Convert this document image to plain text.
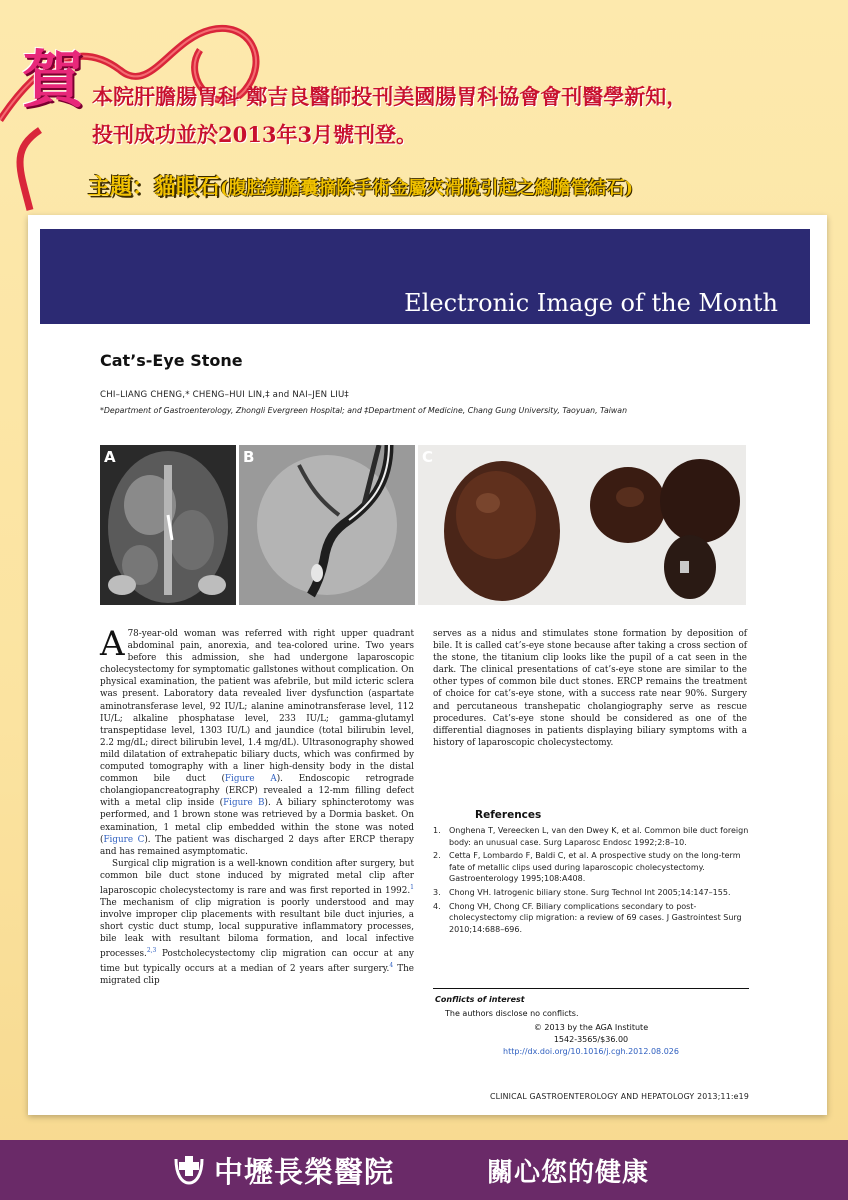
賀 本院肝膽腸胃科 鄭吉良醫師投刊美國腸胃科協會會刊醫學新知，
投刊成功並於2013年3月號刊登。
主題：貓眼石(腹腔鏡膽囊摘除手術金屬夾滑脫引起之總膽管結石)
Electronic Image of the Month
Cat’s-Eye Stone
CHI–LIANG CHENG,* CHENG–HUI LIN,‡ and NAI–JEN LIU‡
*Department of Gastroenterology, Zhongli Evergreen Hospital; and ‡Department of Medicine, Chang Gung University, Taoyuan, Taiwan
A	B	C

A 78-year-old woman was referred with right upper quadrant abdominal pain, anorexia, and tea-colored urine. Two years before this admission, she had undergone laparoscopic cholecystectomy for symptomatic gallstones without complication. On physical examination, the patient was afebrile, but mild icteric sclera was present. Laboratory data revealed liver dysfunction (aspartate aminotransferase level, 92 IU/L; alanine aminotransferase level, 112 IU/L; alkaline phosphatase level, 233 IU/L; gamma-glutamyl transpeptidase level, 1303 IU/L) and jaundice (total bilirubin level, 2.2 mg/dL; direct bilirubin level, 1.4 mg/dL). Ultrasonography showed mild dilatation of extrahepatic biliary ducts, which was confirmed by computed tomography with a liner high-density body in the distal common bile duct (Figure A). Endoscopic retrograde cholangiopancreatography (ERCP) revealed a 12-mm filling defect with a metal clip inside (Figure B). A biliary sphincterotomy was performed, and 1 brown stone was retrieved by a Dormia basket. On examination, 1 metal clip embedded within the stone was noted (Figure C). The patient was discharged 2 days after ERCP therapy and has remained asymptomatic.

Surgical clip migration is a well-known condition after surgery, but common bile duct stone induced by migrated metal clip after laparoscopic cholecystectomy is rare and was first reported in 1992.$^1$ The mechanism of clip migration is poorly understood and may involve improper clip placements with resultant bile duct injuries, a short cystic duct stump, local suppurative inflammatory processes, bile leak with resultant biloma formation, and local infective processes.$^{2,3}$ Postcholecystectomy clip migration can occur at any time but typically occurs at a median of 2 years after surgery.$^4$ The migrated clip

serves as a nidus and stimulates stone formation by deposition of bile. It is called cat’s-eye stone because after taking a cross section of the stone, the titanium clip looks like the pupil of a cat seen in the dark. The clinical presentations of cat’s-eye stone are similar to the other types of common bile duct stones. ERCP remains the treatment of choice for cat’s-eye stone, with a success rate near 90%. Surgery and percutaneous transhepatic cholangiography serve as rescue procedures. Cat’s-eye stone should be considered as one of the differential diagnoses in patients displaying biliary symptoms with a history of laparoscopic cholecystectomy.

References
1. Onghena T, Vereecken L, van den Dwey K, et al. Common bile duct foreign body: an unusual case. Surg Laparosc Endosc 1992;2:8–10.
2. Cetta F, Lombardo F, Baldi C, et al. A prospective study on the long-term fate of metallic clips used during laparoscopic cholecystectomy. Gastroenterology 1995;108:A408.
3. Chong VH. Iatrogenic biliary stone. Surg Technol Int 2005;14:147–155.
4. Chong VH, Chong CF. Biliary complications secondary to post-cholecystectomy clip migration: a review of 69 cases. J Gastrointest Surg 2010;14:688–696.
Conflicts of interest
The authors disclose no conflicts.
© 2013 by the AGA Institute
1542-3565/$36.00
http://dx.doi.org/10.1016/j.cgh.2012.08.026
CLINICAL GASTROENTEROLOGY AND HEPATOLOGY 2013;11:e19
中壢長榮醫院	關心您的健康
